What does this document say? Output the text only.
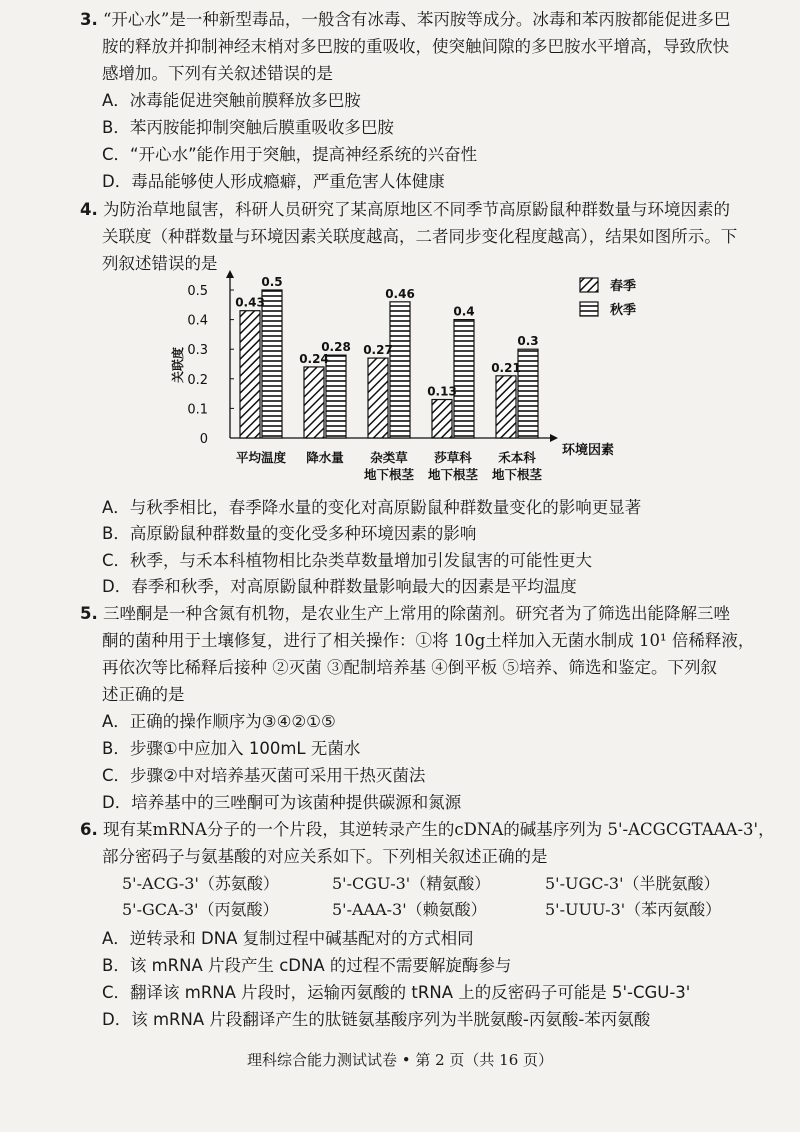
3. “开心水”是一种新型毒品，一般含有冰毒、苯丙胺等成分。冰毒和苯丙胺都能促进多巴
胺的释放并抑制神经末梢对多巴胺的重吸收，使突触间隙的多巴胺水平增高，导致欣快
感增加。下列有关叙述错误的是
A．冰毒能促进突触前膜释放多巴胺
B．苯丙胺能抑制突触后膜重吸收多巴胺
C．“开心水”能作用于突触，提高神经系统的兴奋性
D．毒品能够使人形成瘾癖，严重危害人体健康
4. 为防治草地鼠害，科研人员研究了某高原地区不同季节高原鼢鼠种群数量与环境因素的
关联度（种群数量与环境因素关联度越高，二者同步变化程度越高），结果如图所示。下
列叙述错误的是
0
0.1
0.2
0.3
0.4
0.5
关联度
环境因素
0.43
0.5
平均温度
0.24
0.28
降水量
0.27
0.46
杂类草
地下根茎
0.13
0.4
莎草科
地下根茎
0.21
0.3
禾本科
地下根茎
春季
秋季
A．与秋季相比，春季降水量的变化对高原鼢鼠种群数量变化的影响更显著
B．高原鼢鼠种群数量的变化受多种环境因素的影响
C．秋季，与禾本科植物相比杂类草数量增加引发鼠害的可能性更大
D．春季和秋季，对高原鼢鼠种群数量影响最大的因素是平均温度
5. 三唑酮是一种含氮有机物，是农业生产上常用的除菌剂。研究者为了筛选出能降解三唑
酮的菌种用于土壤修复，进行了相关操作：①将 10g土样加入无菌水制成 10¹ 倍稀释液，
再依次等比稀释后接种 ②灭菌 ③配制培养基 ④倒平板 ⑤培养、筛选和鉴定。下列叙
述正确的是
A．正确的操作顺序为③④②①⑤
B．步骤①中应加入 100mL 无菌水
C．步骤②中对培养基灭菌可采用干热灭菌法
D．培养基中的三唑酮可为该菌种提供碳源和氮源
6. 现有某mRNA分子的一个片段，其逆转录产生的cDNA的碱基序列为 5'-ACGCGTAAA-3'，
部分密码子与氨基酸的对应关系如下。下列相关叙述正确的是
5'-ACG-3'（苏氨酸）	5'-CGU-3'（精氨酸）	5'-UGC-3'（半胱氨酸）
5'-GCA-3'（丙氨酸）	5'-AAA-3'（赖氨酸）	5'-UUU-3'（苯丙氨酸）
A．逆转录和 DNA 复制过程中碱基配对的方式相同
B．该 mRNA 片段产生 cDNA 的过程不需要解旋酶参与
C．翻译该 mRNA 片段时，运输丙氨酸的 tRNA 上的反密码子可能是 5'-CGU-3'
D．该 mRNA 片段翻译产生的肽链氨基酸序列为半胱氨酸-丙氨酸-苯丙氨酸
理科综合能力测试试卷 • 第 2 页（共 16 页）
